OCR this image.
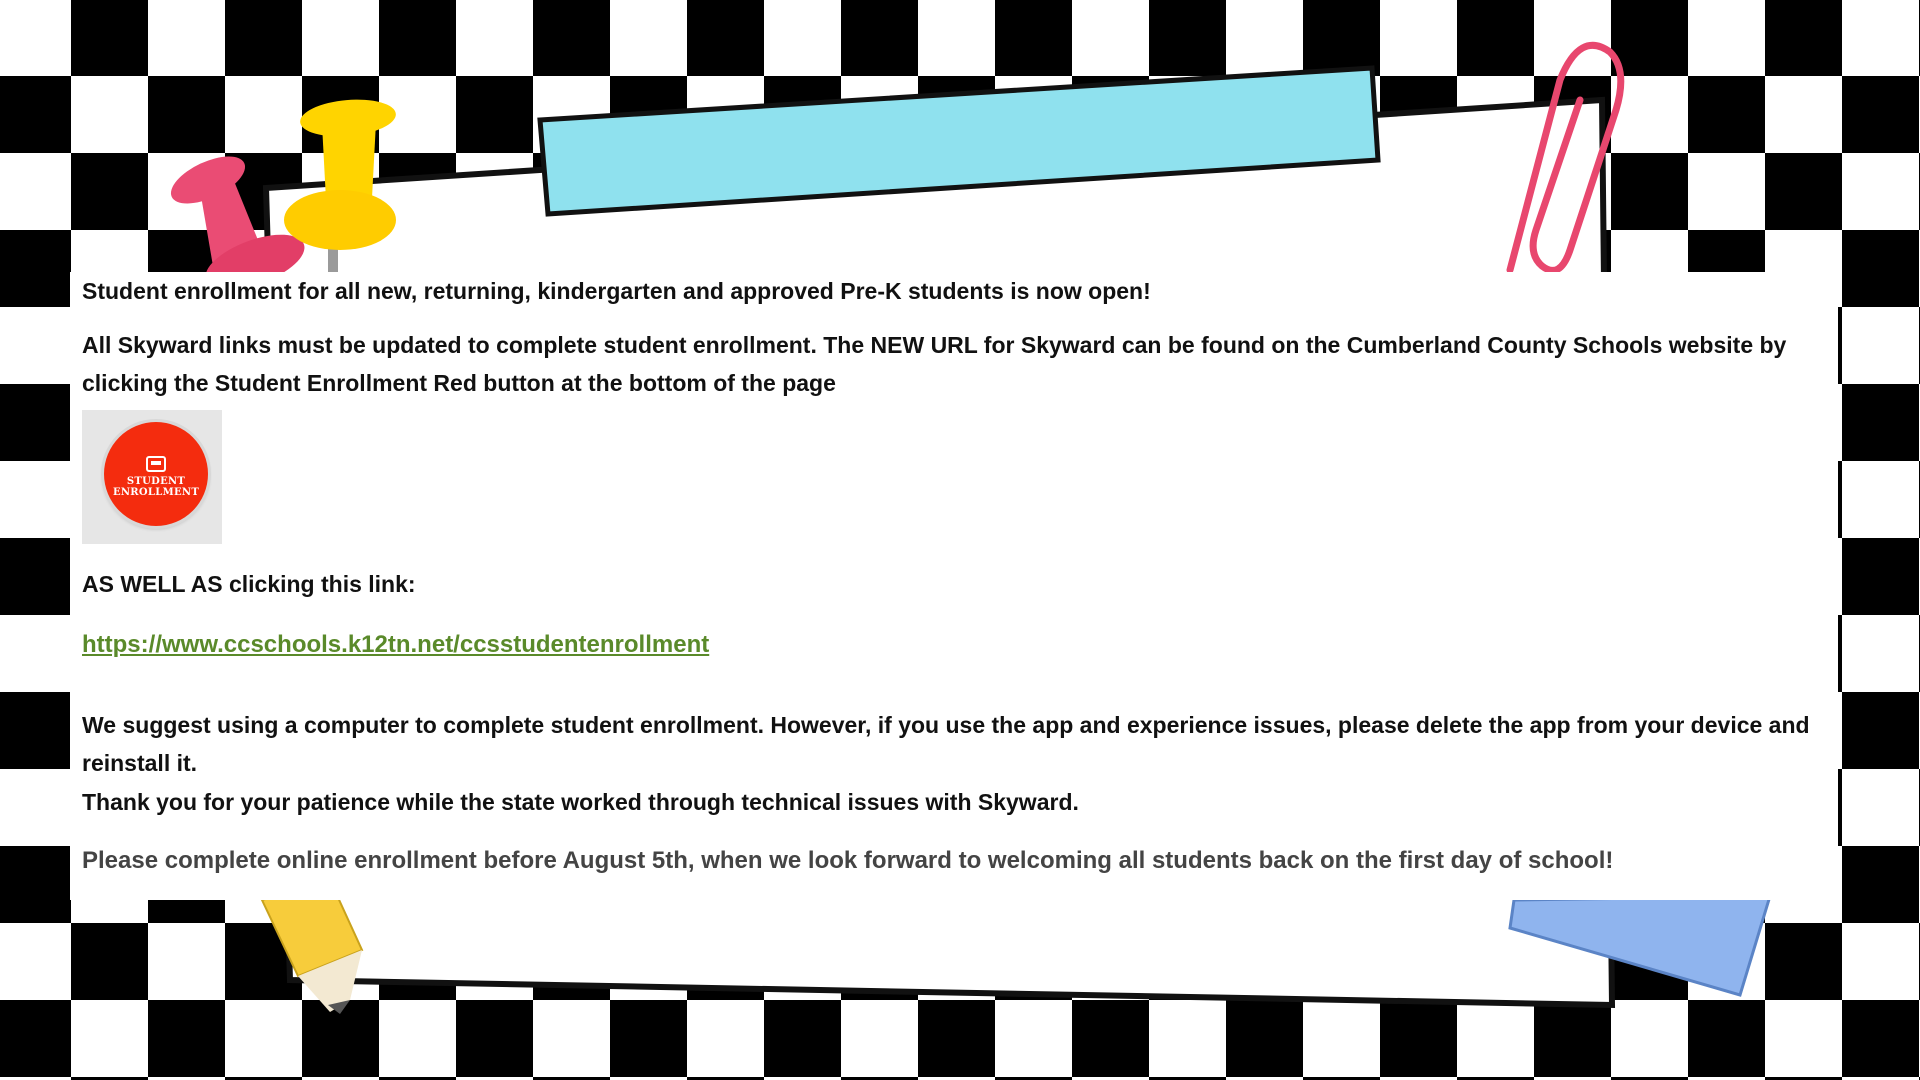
Student enrollment for all new, returning, kindergarten and approved Pre-K students is now open!

All Skyward links must be updated to complete student enrollment. The NEW URL for Skyward can be found on the Cumberland County Schools website by clicking the Student Enrollment Red button at the bottom of the page

STUDENT
ENROLLMENT

AS WELL AS clicking this link:

https://www.ccschools.k12tn.net/ccsstudentenrollment

We suggest using a computer to complete student enrollment. However, if you use the app and experience issues, please delete the app from your device and reinstall it.

Thank you for your patience while the state worked through technical issues with Skyward.

Please complete online enrollment before August 5th, when we look forward to welcoming all students back on the first day of school!
